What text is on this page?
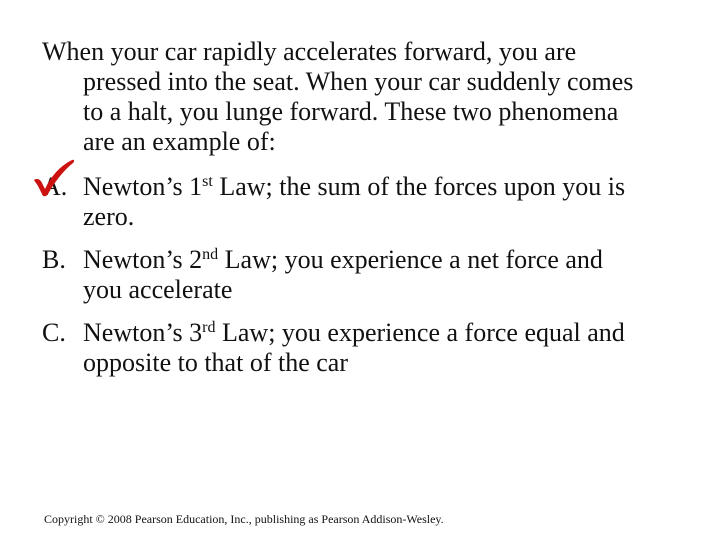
When your car rapidly accelerates forward, you are
pressed into the seat. When your car suddenly comes
to a halt, you lunge forward. These two phenomena
are an example of:
A. Newton’s 1st Law; the sum of the forces upon you is
zero.
B. Newton’s 2nd Law; you experience a net force and
you accelerate
C. Newton’s 3rd Law; you experience a force equal and
opposite to that of the car
Copyright © 2008 Pearson Education, Inc., publishing as Pearson Addison-Wesley.
